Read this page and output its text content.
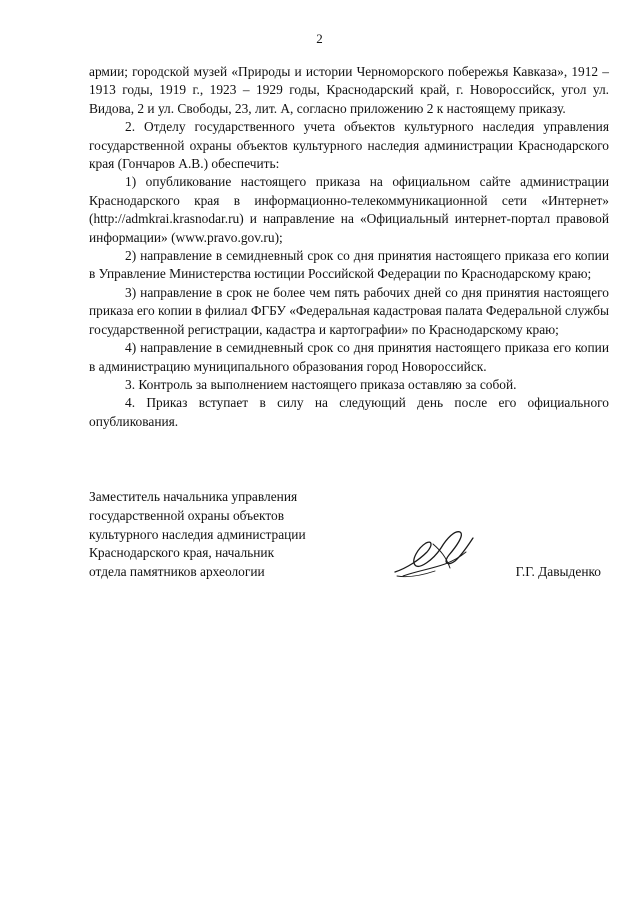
2

армии; городской музей «Природы и истории Черноморского побережья Кавказа», 1912 – 1913 годы, 1919 г., 1923 – 1929 годы, Краснодарский край, г. Новороссийск, угол ул. Видова, 2 и ул. Свободы, 23, лит. А, согласно приложению 2 к настоящему приказу.

2. Отделу государственного учета объектов культурного наследия управления государственной охраны объектов культурного наследия администрации Краснодарского края (Гончаров А.В.) обеспечить:

1) опубликование настоящего приказа на официальном сайте администрации Краснодарского края в информационно-телекоммуникационной сети «Интернет» (http://admkrai.krasnodar.ru) и направление на «Официальный интернет-портал правовой информации» (www.pravo.gov.ru);

2) направление в семидневный срок со дня принятия настоящего приказа его копии в Управление Министерства юстиции Российской Федерации по Краснодарскому краю;

3) направление в срок не более чем пять рабочих дней со дня принятия настоящего приказа его копии в филиал ФГБУ «Федеральная кадастровая палата Федеральной службы государственной регистрации, кадастра и картографии» по Краснодарскому краю;

4) направление в семидневный срок со дня принятия настоящего приказа его копии в администрацию муниципального образования город Новороссийск.

3. Контроль за выполнением настоящего приказа оставляю за собой.

4. Приказ вступает в силу на следующий день после его официального опубликования.

Заместитель начальника управления
государственной охраны объектов
культурного наследия администрации
Краснодарского края, начальник
отдела памятников археологии	Г.Г. Давыденко
